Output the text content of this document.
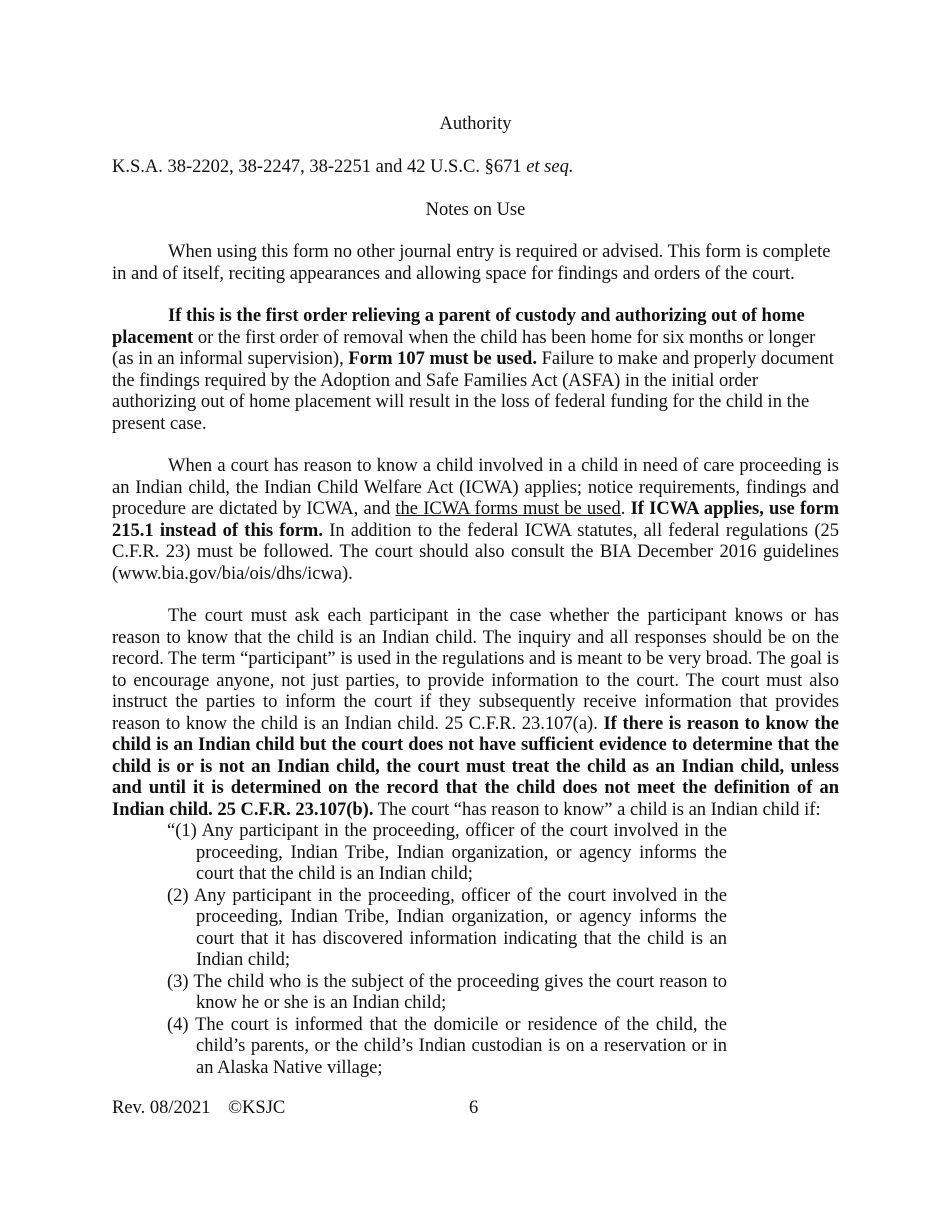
Authority

K.S.A. 38-2202, 38-2247, 38-2251 and 42 U.S.C. §671 et seq.

Notes on Use

When using this form no other journal entry is required or advised. This form is complete in and of itself, reciting appearances and allowing space for findings and orders of the court.

If this is the first order relieving a parent of custody and authorizing out of home placement or the first order of removal when the child has been home for six months or longer (as in an informal supervision), Form 107 must be used. Failure to make and properly document the findings required by the Adoption and Safe Families Act (ASFA) in the initial order authorizing out of home placement will result in the loss of federal funding for the child in the present case.

When a court has reason to know a child involved in a child in need of care proceeding is an Indian child, the Indian Child Welfare Act (ICWA) applies; notice requirements, findings and procedure are dictated by ICWA, and the ICWA forms must be used. If ICWA applies, use form 215.1 instead of this form. In addition to the federal ICWA statutes, all federal regulations (25 C.F.R. 23) must be followed. The court should also consult the BIA December 2016 guidelines (www.bia.gov/bia/ois/dhs/icwa).

The court must ask each participant in the case whether the participant knows or has reason to know that the child is an Indian child. The inquiry and all responses should be on the record. The term “participant” is used in the regulations and is meant to be very broad. The goal is to encourage anyone, not just parties, to provide information to the court. The court must also instruct the parties to inform the court if they subsequently receive information that provides reason to know the child is an Indian child. 25 C.F.R. 23.107(a). If there is reason to know the child is an Indian child but the court does not have sufficient evidence to determine that the child is or is not an Indian child, the court must treat the child as an Indian child, unless and until it is determined on the record that the child does not meet the definition of an Indian child. 25 C.F.R. 23.107(b). The court “has reason to know” a child is an Indian child if:

“(1) Any participant in the proceeding, officer of the court involved in the proceeding, Indian Tribe, Indian organization, or agency informs the court that the child is an Indian child;
(2) Any participant in the proceeding, officer of the court involved in the proceeding, Indian Tribe, Indian organization, or agency informs the court that it has discovered information indicating that the child is an Indian child;
(3) The child who is the subject of the proceeding gives the court reason to know he or she is an Indian child;
(4) The court is informed that the domicile or residence of the child, the child’s parents, or the child’s Indian custodian is on a reservation or in an Alaska Native village;
Rev. 08/2021 ©KSJC	6
